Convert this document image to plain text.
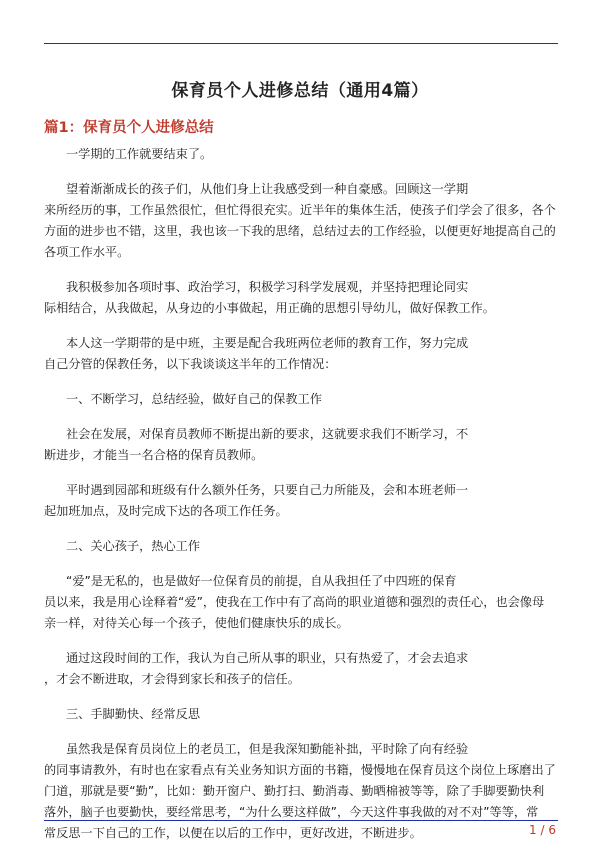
保育员个人进修总结（通用4篇）
篇1：保育员个人进修总结
一学期的工作就要结束了。
望着渐渐成长的孩子们，从他们身上让我感受到一种自豪感。回顾这一学期
来所经历的事，工作虽然很忙，但忙得很充实。近半年的集体生活，使孩子们学会了很多，各个
方面的进步也不错，这里，我也该一下我的思绪，总结过去的工作经验，以便更好地提高自己的
各项工作水平。
我积极参加各项时事、政治学习，积极学习科学发展观，并坚持把理论同实
际相结合，从我做起，从身边的小事做起，用正确的思想引导幼儿，做好保教工作。
本人这一学期带的是中班，主要是配合我班两位老师的教育工作，努力完成
自己分管的保教任务，以下我谈谈这半年的工作情况：
一、不断学习，总结经验，做好自己的保教工作
社会在发展，对保育员教师不断提出新的要求，这就要求我们不断学习，不
断进步，才能当一名合格的保育员教师。
平时遇到园部和班级有什么额外任务，只要自己力所能及，会和本班老师一
起加班加点，及时完成下达的各项工作任务。
二、关心孩子，热心工作
“爱”是无私的，也是做好一位保育员的前提，自从我担任了中四班的保育
员以来，我是用心诠释着“爱”，使我在工作中有了高尚的职业道德和强烈的责任心，也会像母
亲一样，对待关心每一个孩子，使他们健康快乐的成长。
通过这段时间的工作，我认为自己所从事的职业，只有热爱了，才会去追求
，才会不断进取，才会得到家长和孩子的信任。
三、手脚勤快、经常反思
虽然我是保育员岗位上的老员工，但是我深知勤能补拙，平时除了向有经验
的同事请教外，有时也在家看点有关业务知识方面的书籍，慢慢地在保育员这个岗位上琢磨出了
门道，那就是要“勤”，比如：勤开窗户、勤打扫、勤消毒、勤晒棉被等等，除了手脚要勤快利
落外，脑子也要勤快，要经常思考，“为什么要这样做”，今天这件事我做的对不对”等等，常
常反思一下自己的工作，以便在以后的工作中，更好改进，不断进步。	1 / 6
